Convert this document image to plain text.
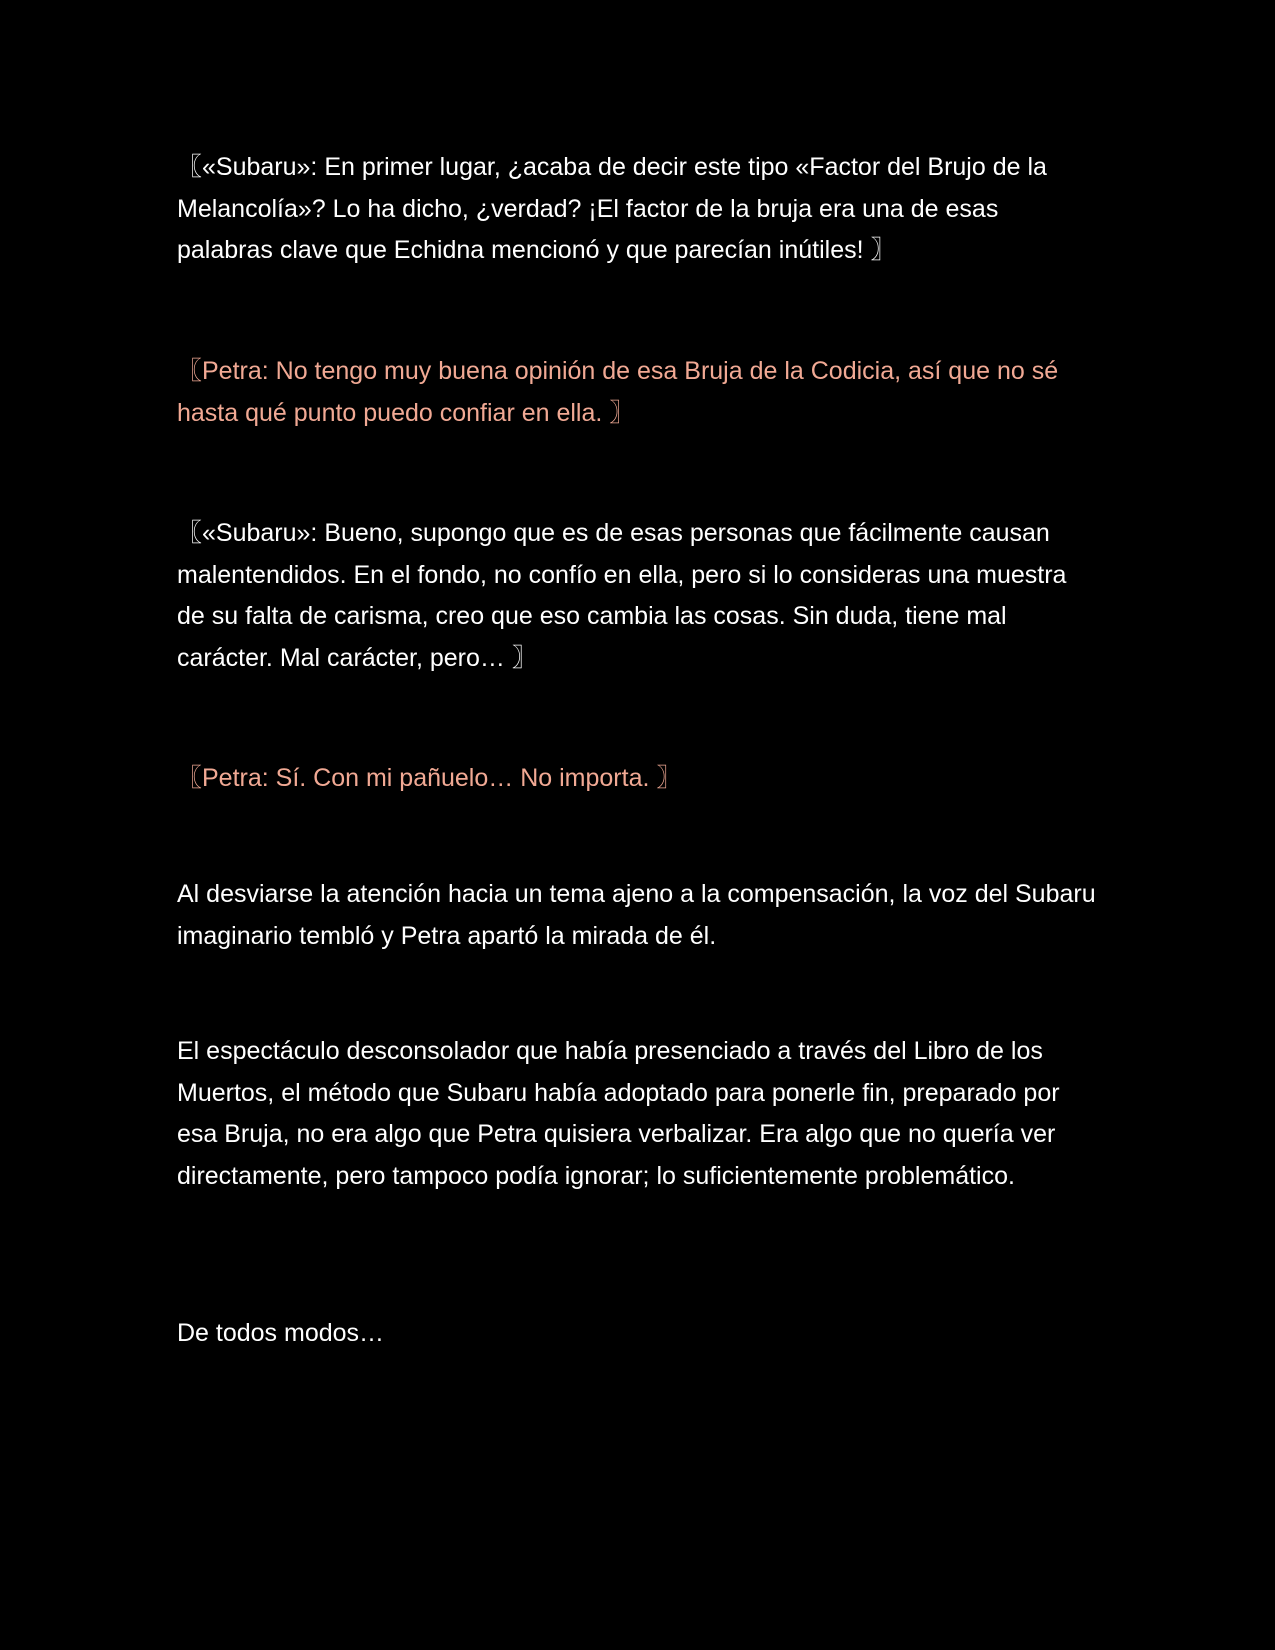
〖«Subaru»: En primer lugar, ¿acaba de decir este tipo «Factor del Brujo de la Melancolía»? Lo ha dicho, ¿verdad? ¡El factor de la bruja era una de esas palabras clave que Echidna mencionó y que parecían inútiles! 〗

〖Petra: No tengo muy buena opinión de esa Bruja de la Codicia, así que no sé hasta qué punto puedo confiar en ella. 〗

〖«Subaru»: Bueno, supongo que es de esas personas que fácilmente causan malentendidos. En el fondo, no confío en ella, pero si lo consideras una muestra de su falta de carisma, creo que eso cambia las cosas. Sin duda, tiene mal carácter. Mal carácter, pero… 〗

〖Petra: Sí. Con mi pañuelo… No importa. 〗

Al desviarse la atención hacia un tema ajeno a la compensación, la voz del Subaru imaginario tembló y Petra apartó la mirada de él.

El espectáculo desconsolador que había presenciado a través del Libro de los Muertos, el método que Subaru había adoptado para ponerle fin, preparado por esa Bruja, no era algo que Petra quisiera verbalizar. Era algo que no quería ver directamente, pero tampoco podía ignorar; lo suficientemente problemático.

De todos modos…
